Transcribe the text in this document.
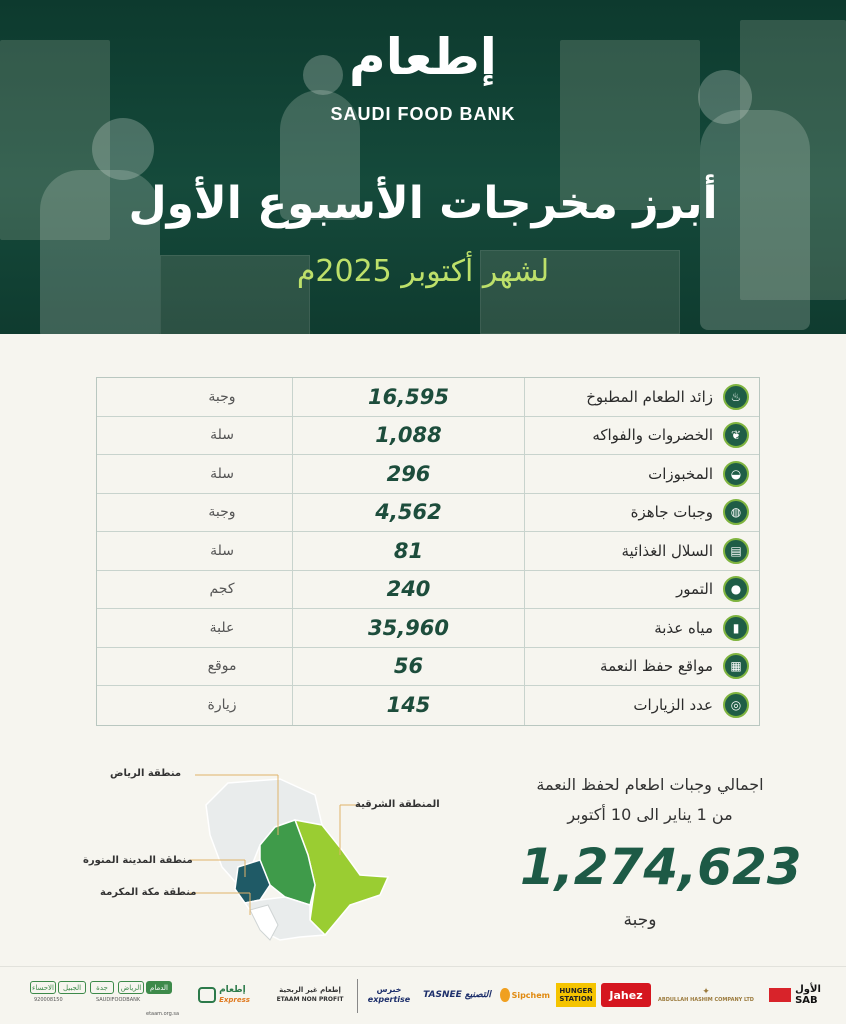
إطعام
SAUDI FOOD BANK
أبرز مخرجات الأسبوع الأول
لشهر أكتوبر 2025م
♨
زائد الطعام المطبوخ
16,595
وجبة
❦
الخضروات والفواكه
1,088
سلة
◒
المخبوزات
296
سلة
◍
وجبات جاهزة
4,562
وجبة
▤
السلال الغذائية
81
سلة
●
التمور
240
كجم
▮
مياه عذبة
35,960
علبة
▦
مواقع حفظ النعمة
56
موقع
◎
عدد الزيارات
145
زيارة
منطقة الرياض
المنطقة الشرقية
منطقة المدينة المنورة
منطقة مكة المكرمة
اجمالي وجبات اطعام لحفظ النعمة
من 1 يناير الى 10 أكتوبر
1,274,623
وجبة
الأول
SAB
✦
ABDULLAH HASHIM COMPANY LTD
Jahez
HUNGER STATION
Sipchem
TASNEE
التصنيع
خبرس
expertise
إطعام غير الربحية
ETAAM NON PROFIT
إطعام
Express
etaam.org.sa
الدمام
الرياض
جدة
الجبيل
الاحساء
920008150	SAUDIFOODBANK
